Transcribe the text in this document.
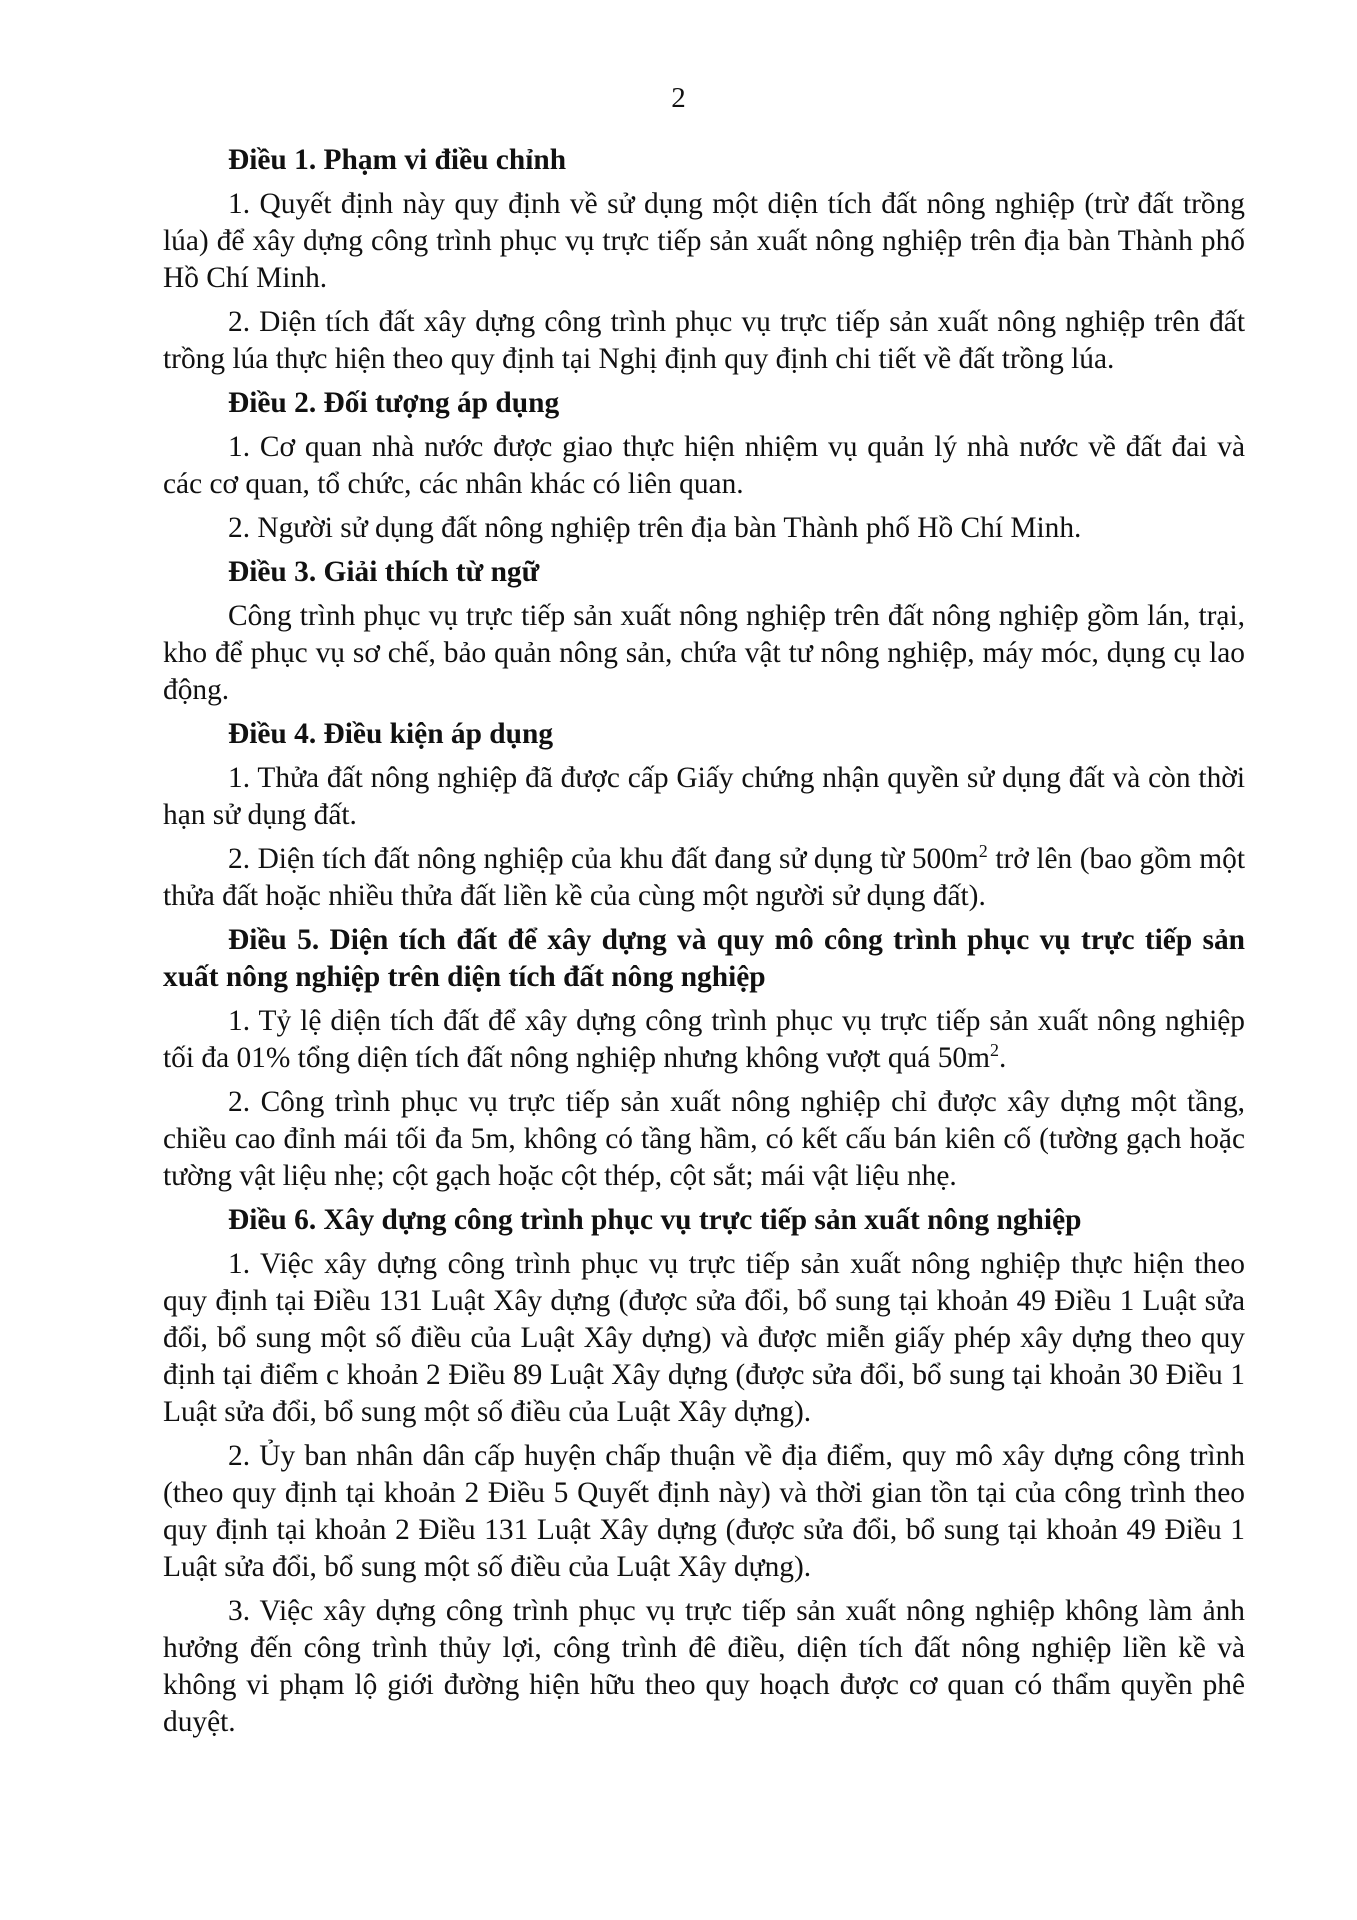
2

Điều 1. Phạm vi điều chỉnh

1. Quyết định này quy định về sử dụng một diện tích đất nông nghiệp (trừ đất trồng lúa) để xây dựng công trình phục vụ trực tiếp sản xuất nông nghiệp trên địa bàn Thành phố Hồ Chí Minh.

2. Diện tích đất xây dựng công trình phục vụ trực tiếp sản xuất nông nghiệp trên đất trồng lúa thực hiện theo quy định tại Nghị định quy định chi tiết về đất trồng lúa.

Điều 2. Đối tượng áp dụng

1. Cơ quan nhà nước được giao thực hiện nhiệm vụ quản lý nhà nước về đất đai và các cơ quan, tổ chức, các nhân khác có liên quan.

2. Người sử dụng đất nông nghiệp trên địa bàn Thành phố Hồ Chí Minh.

Điều 3. Giải thích từ ngữ

Công trình phục vụ trực tiếp sản xuất nông nghiệp trên đất nông nghiệp gồm lán, trại, kho để phục vụ sơ chế, bảo quản nông sản, chứa vật tư nông nghiệp, máy móc, dụng cụ lao động.

Điều 4. Điều kiện áp dụng

1. Thửa đất nông nghiệp đã được cấp Giấy chứng nhận quyền sử dụng đất và còn thời hạn sử dụng đất.

2. Diện tích đất nông nghiệp của khu đất đang sử dụng từ $500m^2$ trở lên (bao gồm một thửa đất hoặc nhiều thửa đất liền kề của cùng một người sử dụng đất).

Điều 5. Diện tích đất để xây dựng và quy mô công trình phục vụ trực tiếp sản xuất nông nghiệp trên diện tích đất nông nghiệp

1. Tỷ lệ diện tích đất để xây dựng công trình phục vụ trực tiếp sản xuất nông nghiệp tối đa 01% tổng diện tích đất nông nghiệp nhưng không vượt quá $50m^2$.

2. Công trình phục vụ trực tiếp sản xuất nông nghiệp chỉ được xây dựng một tầng, chiều cao đỉnh mái tối đa 5m, không có tầng hầm, có kết cấu bán kiên cố (tường gạch hoặc tường vật liệu nhẹ; cột gạch hoặc cột thép, cột sắt; mái vật liệu nhẹ.

Điều 6. Xây dựng công trình phục vụ trực tiếp sản xuất nông nghiệp

1. Việc xây dựng công trình phục vụ trực tiếp sản xuất nông nghiệp thực hiện theo quy định tại Điều 131 Luật Xây dựng (được sửa đổi, bổ sung tại khoản 49 Điều 1 Luật sửa đổi, bổ sung một số điều của Luật Xây dựng) và được miễn giấy phép xây dựng theo quy định tại điểm c khoản 2 Điều 89 Luật Xây dựng (được sửa đổi, bổ sung tại khoản 30 Điều 1 Luật sửa đổi, bổ sung một số điều của Luật Xây dựng).

2. Ủy ban nhân dân cấp huyện chấp thuận về địa điểm, quy mô xây dựng công trình (theo quy định tại khoản 2 Điều 5 Quyết định này) và thời gian tồn tại của công trình theo quy định tại khoản 2 Điều 131 Luật Xây dựng (được sửa đổi, bổ sung tại khoản 49 Điều 1 Luật sửa đổi, bổ sung một số điều của Luật Xây dựng).

3. Việc xây dựng công trình phục vụ trực tiếp sản xuất nông nghiệp không làm ảnh hưởng đến công trình thủy lợi, công trình đê điều, diện tích đất nông nghiệp liền kề và không vi phạm lộ giới đường hiện hữu theo quy hoạch được cơ quan có thẩm quyền phê duyệt.
